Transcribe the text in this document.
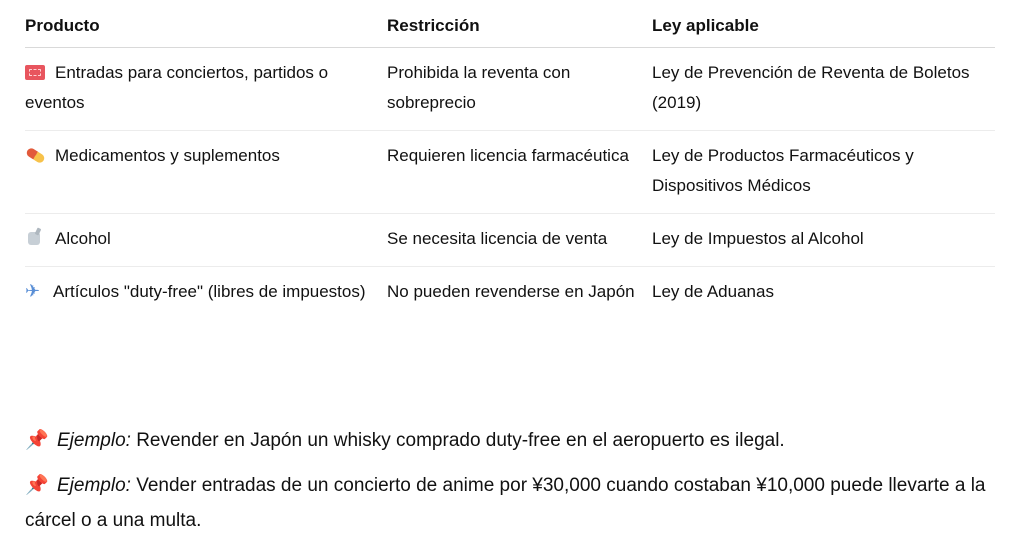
Producto	Restricción	Ley aplicable
Entradas para conciertos, partidos o eventos	Prohibida la reventa con sobreprecio	Ley de Prevención de Reventa de Boletos (2019)
Medicamentos y suplementos	Requieren licencia farmacéutica	Ley de Productos Farmacéuticos y Dispositivos Médicos
Alcohol	Se necesita licencia de venta	Ley de Impuestos al Alcohol
✈ Artículos "duty-free" (libres de impuestos)	No pueden revenderse en Japón	Ley de Aduanas

📌 Ejemplo: Revender en Japón un whisky comprado duty-free en el aeropuerto es ilegal.

📌 Ejemplo: Vender entradas de un concierto de anime por ¥30,000 cuando costaban ¥10,000 puede llevarte a la cárcel o a una multa.
